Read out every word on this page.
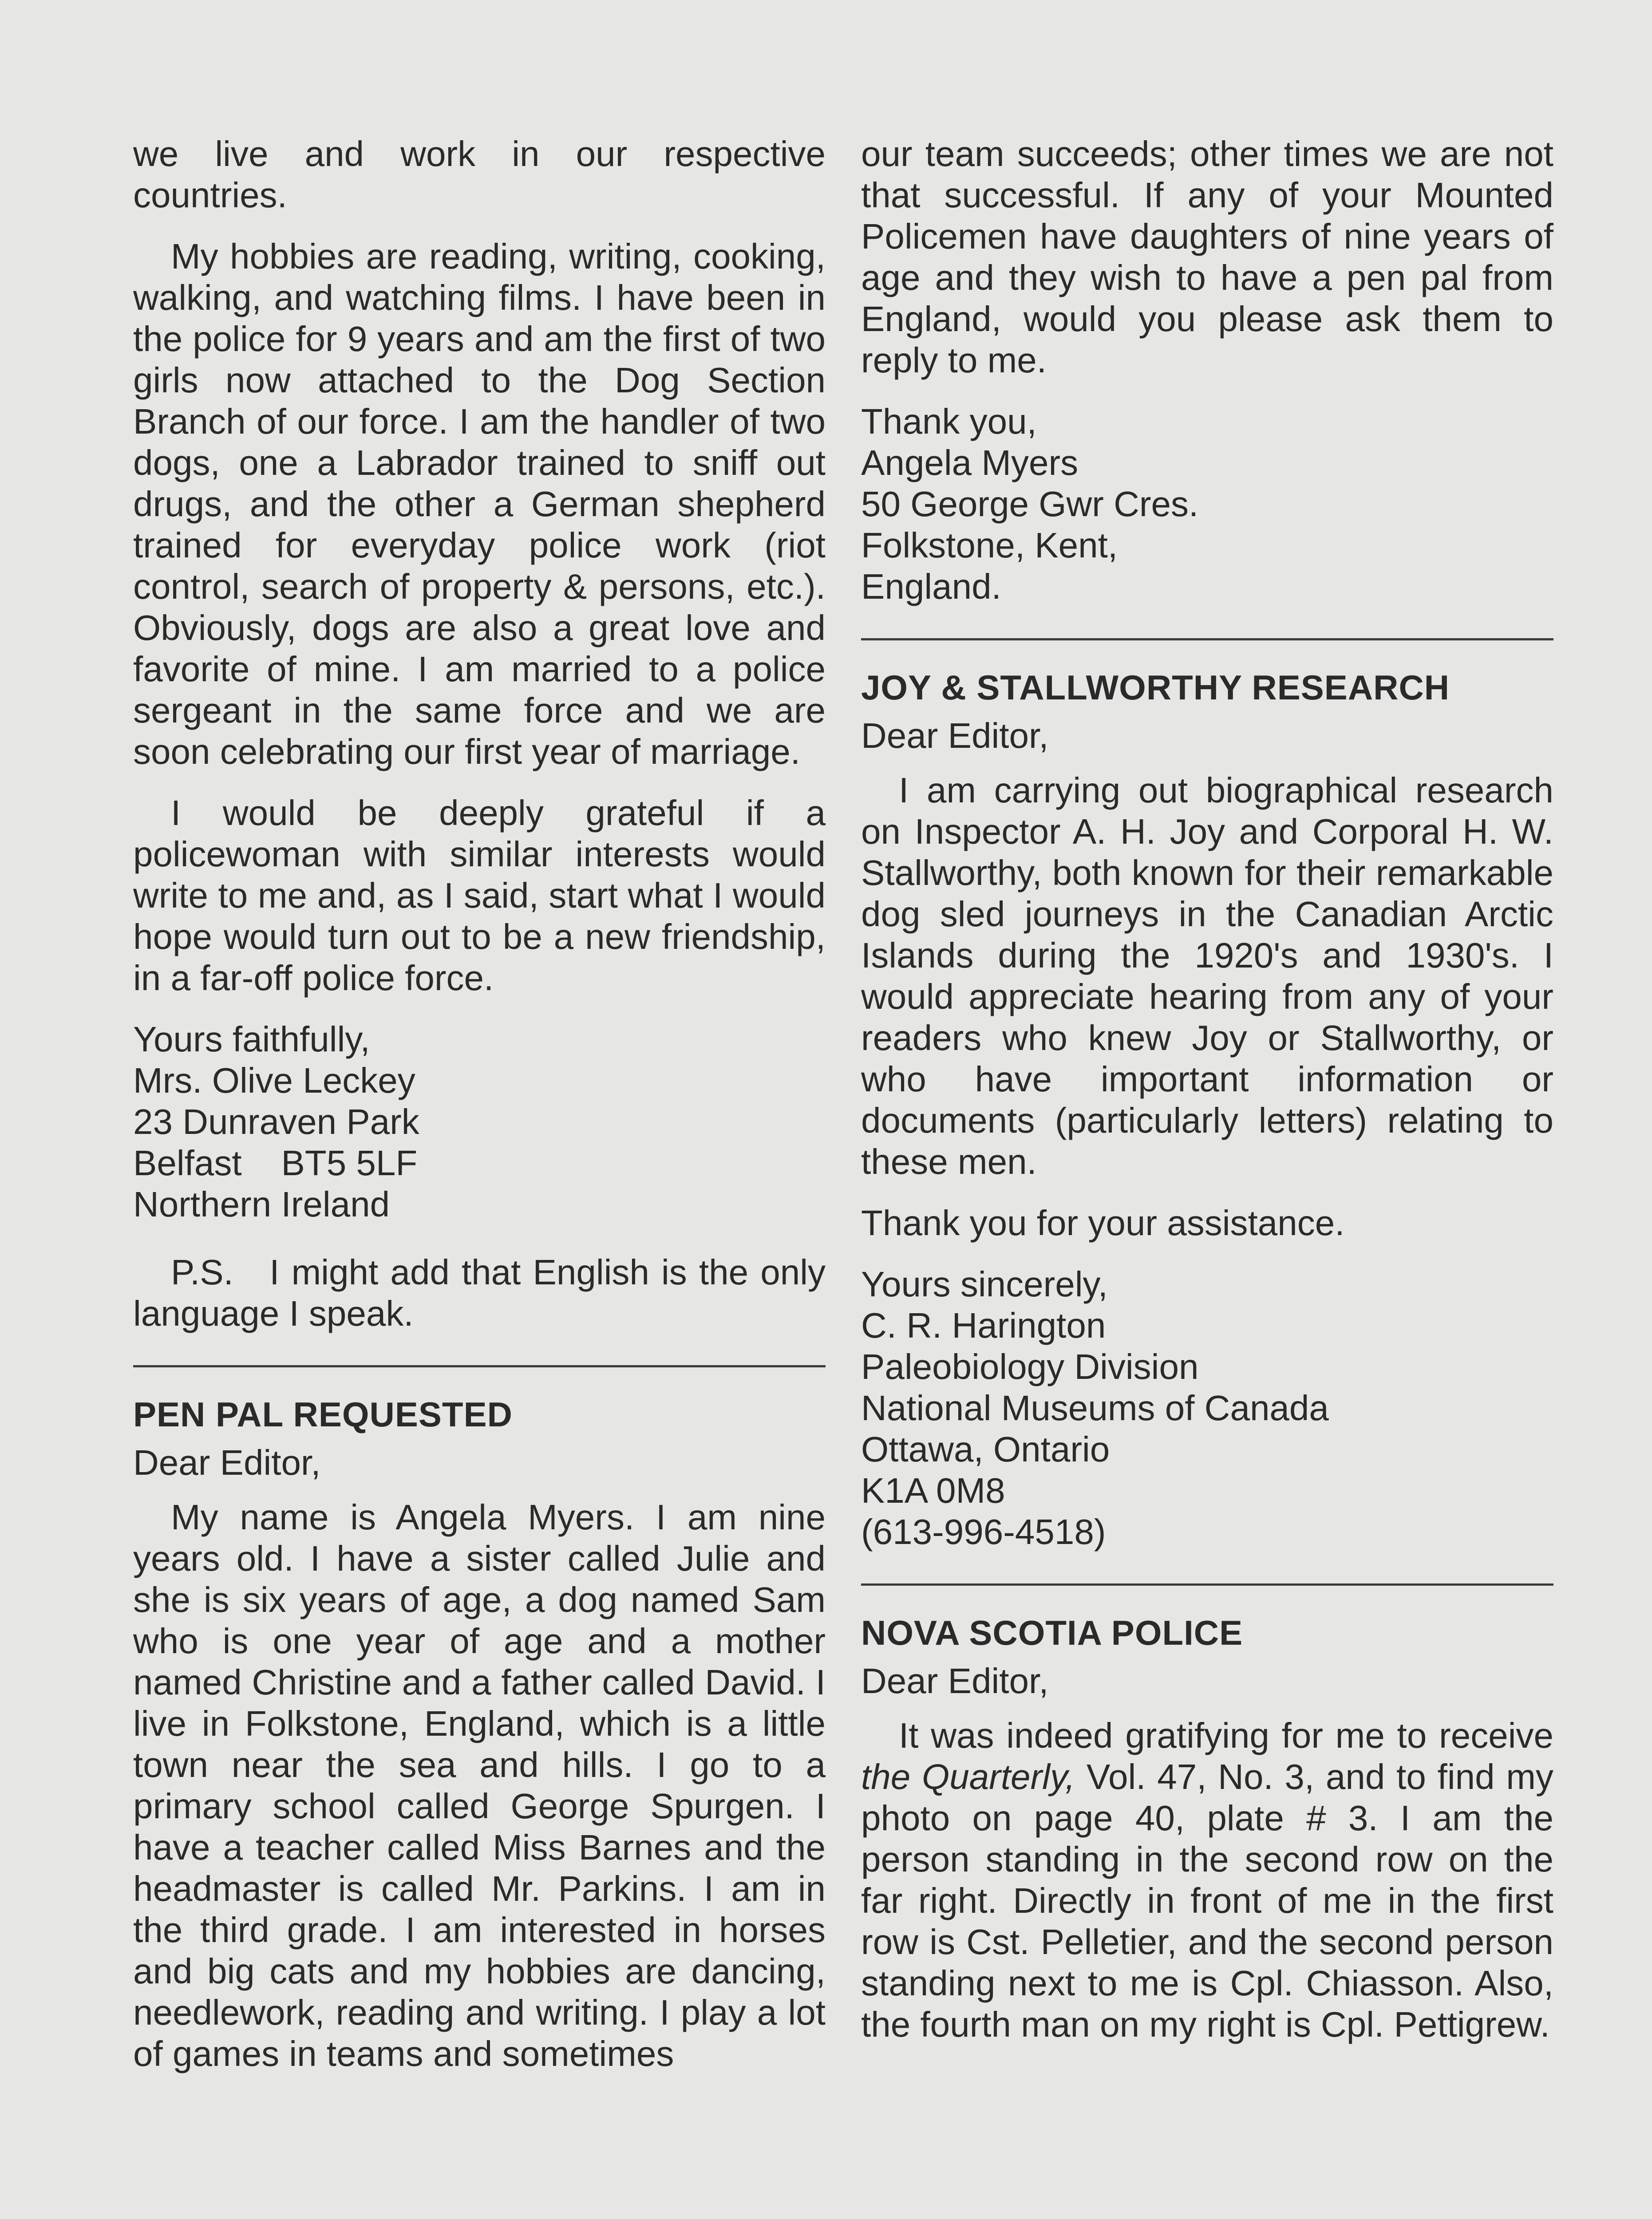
we live and work in our respective countries.

My hobbies are reading, writing, cooking, walking, and watching films. I have been in the police for 9 years and am the first of two girls now attached to the Dog Section Branch of our force. I am the handler of two dogs, one a Labrador trained to sniff out drugs, and the other a German shepherd trained for everyday police work (riot control, search of property & persons, etc.). Obviously, dogs are also a great love and favorite of mine. I am married to a police sergeant in the same force and we are soon celebrating our first year of marriage.

I would be deeply grateful if a policewoman with similar interests would write to me and, as I said, start what I would hope would turn out to be a new friendship, in a far-off police force.

Yours faithfully,
Mrs. Olive Leckey
23 Dunraven Park
Belfast    BT5 5LF
Northern Ireland

P.S.   I might add that English is the only language I speak.

PEN PAL REQUESTED

Dear Editor,

My name is Angela Myers. I am nine years old. I have a sister called Julie and she is six years of age, a dog named Sam who is one year of age and a mother named Christine and a father called David. I live in Folkstone, England, which is a little town near the sea and hills. I go to a primary school called George Spurgen. I have a teacher called Miss Barnes and the headmaster is called Mr. Parkins. I am in the third grade. I am interested in horses and big cats and my hobbies are dancing, needlework, reading and writing. I play a lot of games in teams and sometimes

our team succeeds; other times we are not that successful. If any of your Mounted Policemen have daughters of nine years of age and they wish to have a pen pal from England, would you please ask them to reply to me.

Thank you,
Angela Myers
50 George Gwr Cres.
Folkstone, Kent,
England.
JOY & STALLWORTHY RESEARCH

Dear Editor,

I am carrying out biographical research on Inspector A. H. Joy and Corporal H. W. Stallworthy, both known for their remarkable dog sled journeys in the Canadian Arctic Islands during the 1920's and 1930's. I would appreciate hearing from any of your readers who knew Joy or Stallworthy, or who have important information or documents (particularly letters) relating to these men.

Thank you for your assistance.

Yours sincerely,
C. R. Harington
Paleobiology Division
National Museums of Canada
Ottawa, Ontario
K1A 0M8
(613-996-4518)
NOVA SCOTIA POLICE

Dear Editor,

It was indeed gratifying for me to receive the Quarterly, Vol. 47, No. 3, and to find my photo on page 40, plate # 3. I am the person standing in the second row on the far right. Directly in front of me in the first row is Cst. Pelletier, and the second person standing next to me is Cpl. Chiasson. Also, the fourth man on my right is Cpl. Pettigrew.
